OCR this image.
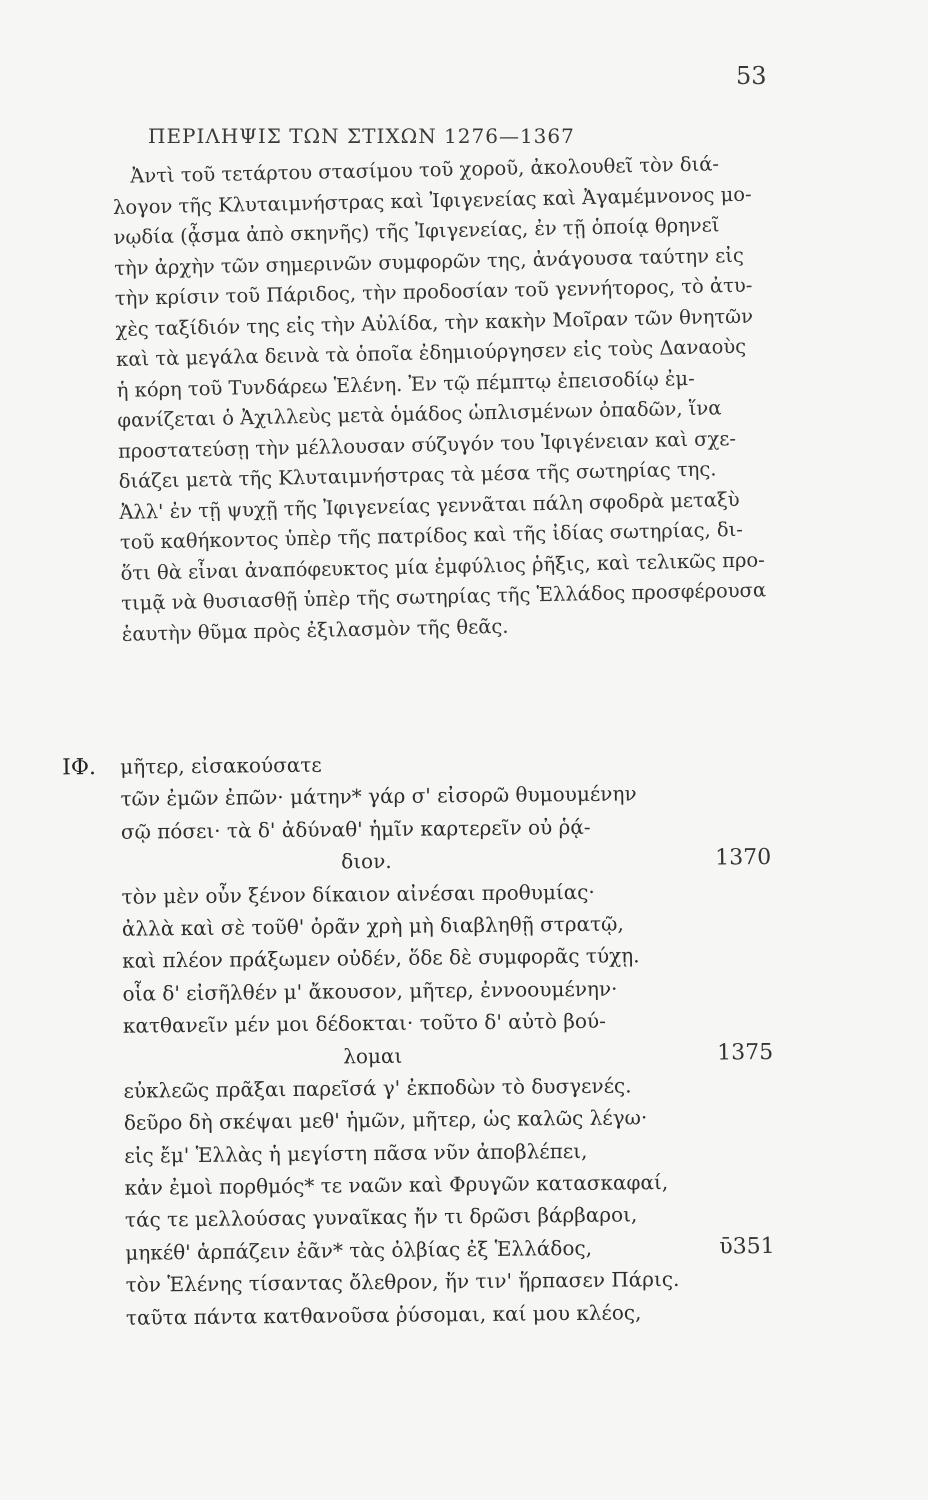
53
ΠΕΡΙΛΗΨΙΣ ΤΩΝ ΣΤΙΧΩΝ 1276—1367
Ἀντὶ τοῦ τετάρτου στασίμου τοῦ χοροῦ, ἀκολουθεῖ τὸν διά-
λογον τῆς Κλυταιμνήστρας καὶ Ἰφιγενείας καὶ Ἀγαμέμνονος μο-
νῳδία (ᾆσμα ἀπὸ σκηνῆς) τῆς Ἰφιγενείας, ἐν τῇ ὁποίᾳ θρηνεῖ
τὴν ἀρχὴν τῶν σημερινῶν συμφορῶν της, ἀνάγουσα ταύτην εἰς
τὴν κρίσιν τοῦ Πάριδος, τὴν προδοσίαν τοῦ γεννήτορος, τὸ ἀτυ-
χὲς ταξίδιόν της εἰς τὴν Αὐλίδα, τὴν κακὴν Μοῖραν τῶν θνητῶν
καὶ τὰ μεγάλα δεινὰ τὰ ὁποῖα ἐδημιούργησεν εἰς τοὺς Δαναοὺς
ἡ κόρη τοῦ Τυνδάρεω Ἑλένη. Ἐν τῷ πέμπτῳ ἐπεισοδίῳ ἐμ-
φανίζεται ὁ Ἀχιλλεὺς μετὰ ὁμάδος ὡπλισμένων ὀπαδῶν, ἵνα
προστατεύσῃ τὴν μέλλουσαν σύζυγόν του Ἰφιγένειαν καὶ σχε-
διάζει μετὰ τῆς Κλυταιμνήστρας τὰ μέσα τῆς σωτηρίας της.
Ἀλλ' ἐν τῇ ψυχῇ τῆς Ἰφιγενείας γεννᾶται πάλη σφοδρὰ μεταξὺ
τοῦ καθήκοντος ὑπὲρ τῆς πατρίδος καὶ τῆς ἰδίας σωτηρίας, δι-
ὅτι θὰ εἶναι ἀναπόφευκτος μία ἐμφύλιος ῥῆξις, καὶ τελικῶς προ-
τιμᾷ νὰ θυσιασθῇ ὑπὲρ τῆς σωτηρίας τῆς Ἑλλάδος προσφέρουσα
ἑαυτὴν θῦμα πρὸς ἐξιλασμὸν τῆς θεᾶς.
ΙΦ. μῆτερ, εἰσακούσατε
τῶν ἐμῶν ἐπῶν· μάτην* γάρ σ' εἰσορῶ θυμουμένην
σῷ πόσει· τὰ δ' ἀδύναθ' ἡμῖν καρτερεῖν οὐ ῥᾴ-
διον.	1370
τὸν μὲν οὖν ξένον δίκαιον αἰνέσαι προθυμίας·
ἀλλὰ καὶ σὲ τοῦθ' ὁρᾶν χρὴ μὴ διαβληθῇ στρατῷ,
καὶ πλέον πράξωμεν οὐδέν, ὅδε δὲ συμφορᾶς τύχῃ.
οἷα δ' εἰσῆλθέν μ' ἄκουσον, μῆτερ, ἐννοουμένην·
κατθανεῖν μέν μοι δέδοκται· τοῦτο δ' αὐτὸ βού-
λομαι	1375
εὐκλεῶς πρᾶξαι παρεῖσά γ' ἐκποδὼν τὸ δυσγενές.
δεῦρο δὴ σκέψαι μεθ' ἡμῶν, μῆτερ, ὡς καλῶς λέγω·
εἰς ἔμ' Ἑλλὰς ἡ μεγίστη πᾶσα νῦν ἀποβλέπει,
κἀν ἐμοὶ πορθμός* τε ναῶν καὶ Φρυγῶν κατασκαφαί,
τάς τε μελλούσας γυναῖκας ἤν τι δρῶσι βάρβαροι,
μηκέθ' ἁρπάζειν ἐᾶν* τὰς ὀλβίας ἐξ Ἑλλάδος,	ῡ351
τὸν Ἑλένης τίσαντας ὄλεθρον, ἥν τιν' ἥρπασεν Πάρις.
ταῦτα πάντα κατθανοῦσα ῥύσομαι, καί μου κλέος,
